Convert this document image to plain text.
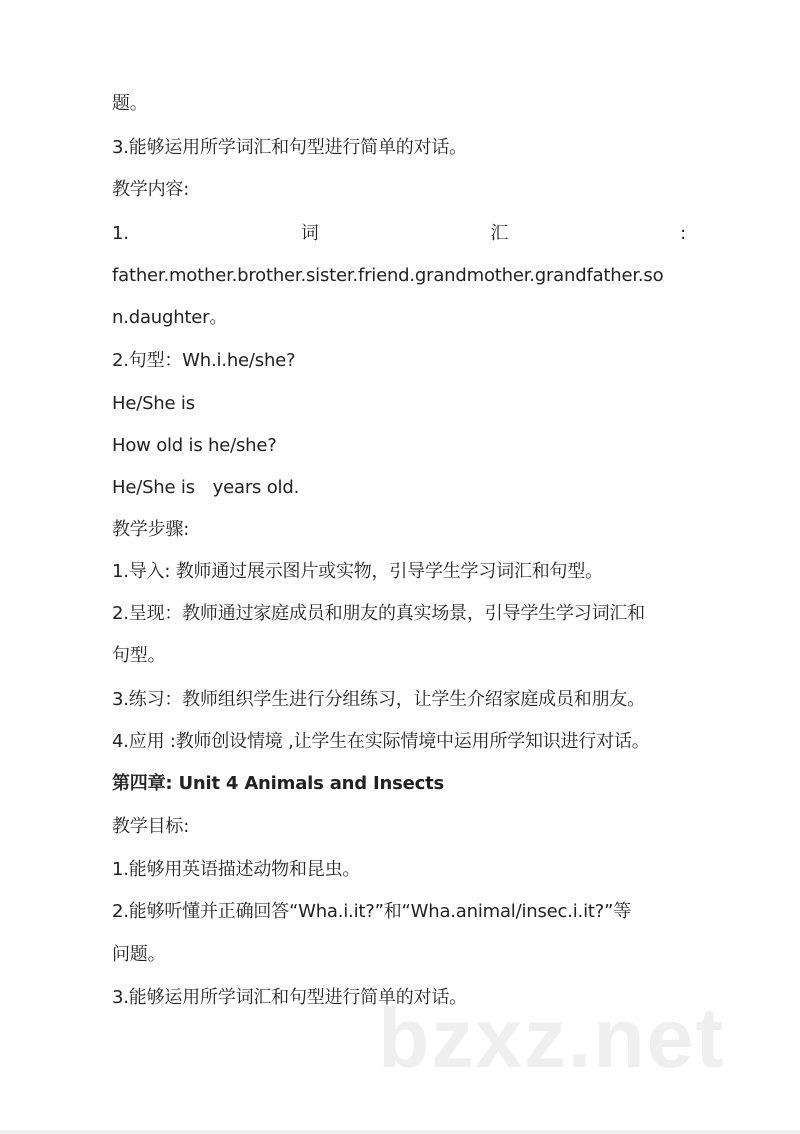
题。
3.能够运用所学词汇和句型进行简单的对话。
教学内容:
1.	词	汇	:
father.mother.brother.sister.friend.grandmother.grandfather.so
n.daughter。
2.句型：Wh.i.he/she?
He/She is
How old is he/she?
He/She is　years old.
教学步骤:
1.导入: 教师通过展示图片或实物，引导学生学习词汇和句型。
2.呈现：教师通过家庭成员和朋友的真实场景，引导学生学习词汇和
句型。
3.练习：教师组织学生进行分组练习，让学生介绍家庭成员和朋友。
4.应用 :教师创设情境 ,让学生在实际情境中运用所学知识进行对话。
第四章: Unit 4 Animals and Insects
教学目标:
1.能够用英语描述动物和昆虫。
2.能够听懂并正确回答“Wha.i.it?”和“Wha.animal/insec.i.it?”等
问题。
3.能够运用所学词汇和句型进行简单的对话。
bzxz.net
